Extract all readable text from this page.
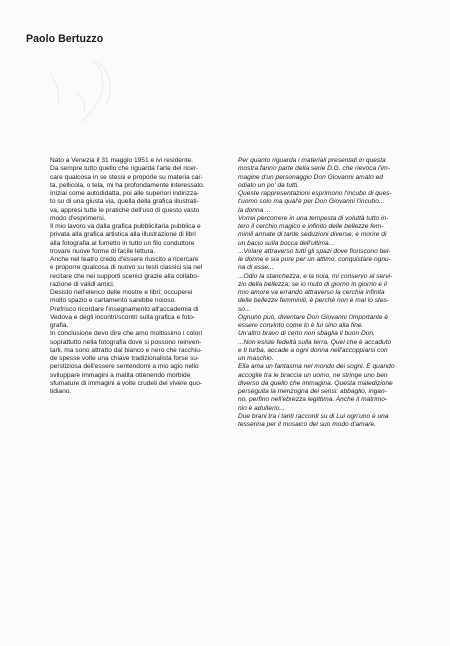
Paolo Bertuzzo

Nato a Venezia il 31 maggio 1951 e ivi residente.

Da sempre tutto quello che riguarda l'arte del ricer-
care qualcosa in se stessi e proporle su materia car-
ta, pellicola, o tela, mi ha profondamente interessato.
Iniziai come autodidatta, poi alle superiori indirizza-
to su di una giusta via, quella della grafica illustrati-
va, appresi tutte le pratiche dell'uso di questo vasto
modo d'esprimersi.

Il mio lavoro va dalla grafica pubblicitaria pubblica e
privata alla grafica artistica alla illustrazione di libri
alla fotografia al fumetto in tutto un filo conduttore
trovare nuove forme di facile lettura.

Anche nel teatro credo d'essere riuscito a ricercare
e proporre qualcosa di nuovo su testi classici sia nel
recitare che nei supporti scenici grazie alla collabo-
razione di validi amici.

Desisto nell'elenco delle mostre e libri; occuperei
molto spazio e cartamento sarebbe noioso.

Prefrisco ricordare l'insegnamento all'accademia di
Vedova e degli incontri/scontri sulla grafica e foto-
grafia.

In conclusione devo dire che amo moltissimo i colori
soprattutto nella fotografia dove si possono reinven-
tarli, ma sono attratto dal bianco e nero che racchiu-
de spesse volte una chiave tradizionalista forse su-
perstiziosa dell'essere sentendomi a mio agio nello
sviluppare immagini a matita ottenendo morbide
sfumature di immagini a volte crudeli del vivere quo-
tidiano.

Per quanto riguarda i materiali presentati in questa
mostra fanno parte della serie D.G. che rievoca l'im-
magine d'un personaggio Don Giovanni amato ed
odiato un po' da tutti.

Queste rappresentazioni esprimono l'incubo di ques-
t'uomo solo ma qual'è per Don Giovanni l'incubo...
la donna ...

Vorrei percorrere in una tempesta di voluttà tutto in-
tero il cerchio magico e infinito delle bellezze fem-
minili armate di tante seduzioni diverse, e morire di
un bacio sulla bocca dell'ultima...

...Volare attraverso tutti gli spazi dove fioriscono bel-
le donne e sia pure per un attimo, conquistare ognu-
na di esse...

...Odio la stanchezza, e la noia, mi conservo al servi-
zio della bellezza; se io muto di giorno in giorno e il
mio amore va errando attraverso la cerchia infinita
delle bellezze femminili, è perchè non è mai lo stes-
so...

Ognuno può, diventare Don Giovanni l'importante è
essere convinto come lo è lui sino alla fine.

Un'altro bravo di certo non sbaglia il buon Don.

...Non esiste fedeltà sulla terra. Quel che è accaduto
e ti turba, accade a ogni donna nell'accoppiarsi con
un maschio.

Ella ama un fantasma nel mondo dei sogni. E quando
accoglie tra le braccia un uomo, ne stringe uno ben
diverso da quello che immagina. Questa maledizione
perseguita la menzogna dei sensi: abbaglio, ingan-
no, perfino nell'ebrezza legittima. Anche il matrimo-
nio è adulterio...

Due brani tra i tanti racconti su di Lui ogn'uno è una
tesserina per il mosaico del suo modo d'amare.
